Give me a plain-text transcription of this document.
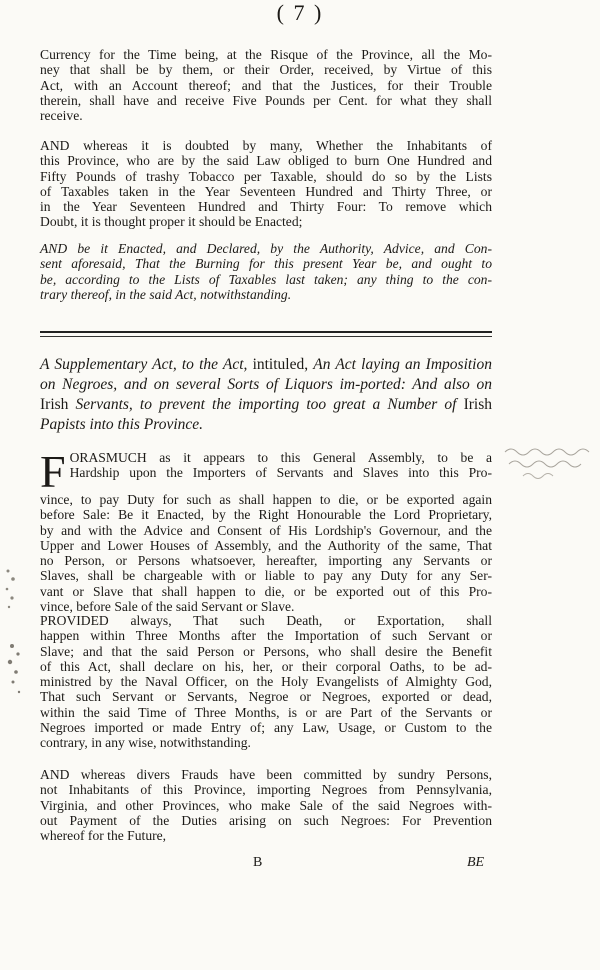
( 7 )

Currency for the Time being, at the Risque of the Province, all the Mo-

ney that shall be by them, or their Order, received, by Virtue of this

Act, with an Account thereof; and that the Justices, for their Trouble

therein, shall have and receive Five Pounds per Cent. for what they shall

receive.

AND whereas it is doubted by many, Whether the Inhabitants of

this Province, who are by the said Law obliged to burn One Hundred and

Fifty Pounds of trashy Tobacco per Taxable, should do so by the Lists

of Taxables taken in the Year Seventeen Hundred and Thirty Three, or

in the Year Seventeen Hundred and Thirty Four: To remove which

Doubt, it is thought proper it should be Enacted;

AND be it Enacted, and Declared, by the Authority, Advice, and Con-

sent aforesaid, That the Burning for this present Year be, and ought to

be, according to the Lists of Taxables last taken; any thing to the con-

trary thereof, in the said Act, notwithstanding.

A Supplementary Act, to the Act, intituled, An Act laying an Imposition on Negroes, and on several Sorts of Liquors im-ported: And also on Irish Servants, to prevent the importing too great a Number of Irish Papists into this Province.
F ORASMUCH as it appears to this General Assembly, to be a

Hardship upon the Importers of Servants and Slaves into this Pro-

vince, to pay Duty for such as shall happen to die, or be exported again

before Sale: Be it Enacted, by the Right Honourable the Lord Proprietary,

by and with the Advice and Consent of His Lordship's Governour, and the

Upper and Lower Houses of Assembly, and the Authority of the same, That

no Person, or Persons whatsoever, hereafter, importing any Servants or

Slaves, shall be chargeable with or liable to pay any Duty for any Ser-

vant or Slave that shall happen to die, or be exported out of this Pro-

vince, before Sale of the said Servant or Slave.

PROVIDED always, That such Death, or Exportation, shall

happen within Three Months after the Importation of such Servant or

Slave; and that the said Person or Persons, who shall desire the Benefit

of this Act, shall declare on his, her, or their corporal Oaths, to be ad-

ministred by the Naval Officer, on the Holy Evangelists of Almighty God,

That such Servant or Servants, Negroe or Negroes, exported or dead,

within the said Time of Three Months, is or are Part of the Servants or

Negroes imported or made Entry of; any Law, Usage, or Custom to the

contrary, in any wise, notwithstanding.

AND whereas divers Frauds have been committed by sundry Persons,

not Inhabitants of this Province, importing Negroes from Pennsylvania,

Virginia, and other Provinces, who make Sale of the said Negroes with-

out Payment of the Duties arising on such Negroes: For Prevention

whereof for the Future,

B	BE
